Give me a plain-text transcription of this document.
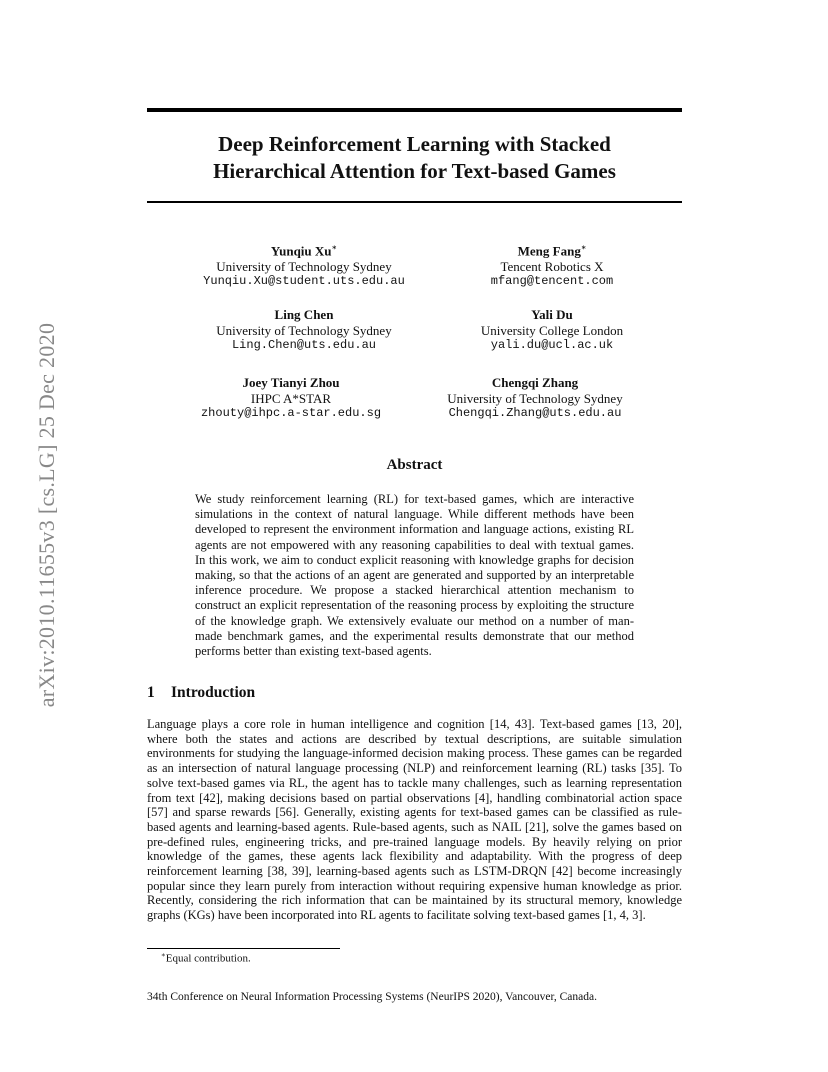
arXiv:2010.11655v3 [cs.LG] 25 Dec 2020
Deep Reinforcement Learning with Stacked
Hierarchical Attention for Text-based Games
Yunqiu Xu∗
University of Technology Sydney
Yunqiu.Xu@student.uts.edu.au
Meng Fang∗
Tencent Robotics X
mfang@tencent.com
Ling Chen
University of Technology Sydney
Ling.Chen@uts.edu.au
Yali Du
University College London
yali.du@ucl.ac.uk
Joey Tianyi Zhou
IHPC A*STAR
zhouty@ihpc.a-star.edu.sg
Chengqi Zhang
University of Technology Sydney
Chengqi.Zhang@uts.edu.au
Abstract
We study reinforcement learning (RL) for text-based games, which are interactive simulations in the context of natural language. While different methods have been developed to represent the environment information and language actions, existing RL agents are not empowered with any reasoning capabilities to deal with textual games. In this work, we aim to conduct explicit reasoning with knowledge graphs for decision making, so that the actions of an agent are generated and supported by an interpretable inference procedure. We propose a stacked hierarchical attention mechanism to construct an explicit representation of the reasoning process by exploiting the structure of the knowledge graph. We extensively evaluate our method on a number of man-made benchmark games, and the experimental results demonstrate that our method performs better than existing text-based agents.
1 Introduction
Language plays a core role in human intelligence and cognition [14, 43]. Text-based games [13, 20], where both the states and actions are described by textual descriptions, are suitable simulation environments for studying the language-informed decision making process. These games can be regarded as an intersection of natural language processing (NLP) and reinforcement learning (RL) tasks [35]. To solve text-based games via RL, the agent has to tackle many challenges, such as learning representation from text [42], making decisions based on partial observations [4], handling combinatorial action space [57] and sparse rewards [56]. Generally, existing agents for text-based games can be classified as rule-based agents and learning-based agents. Rule-based agents, such as NAIL [21], solve the games based on pre-defined rules, engineering tricks, and pre-trained language models. By heavily relying on prior knowledge of the games, these agents lack flexibility and adaptability. With the progress of deep reinforcement learning [38, 39], learning-based agents such as LSTM-DRQN [42] become increasingly popular since they learn purely from interaction without requiring expensive human knowledge as prior. Recently, considering the rich information that can be maintained by its structural memory, knowledge graphs (KGs) have been incorporated into RL agents to facilitate solving text-based games [1, 4, 3].
∗Equal contribution.
34th Conference on Neural Information Processing Systems (NeurIPS 2020), Vancouver, Canada.
